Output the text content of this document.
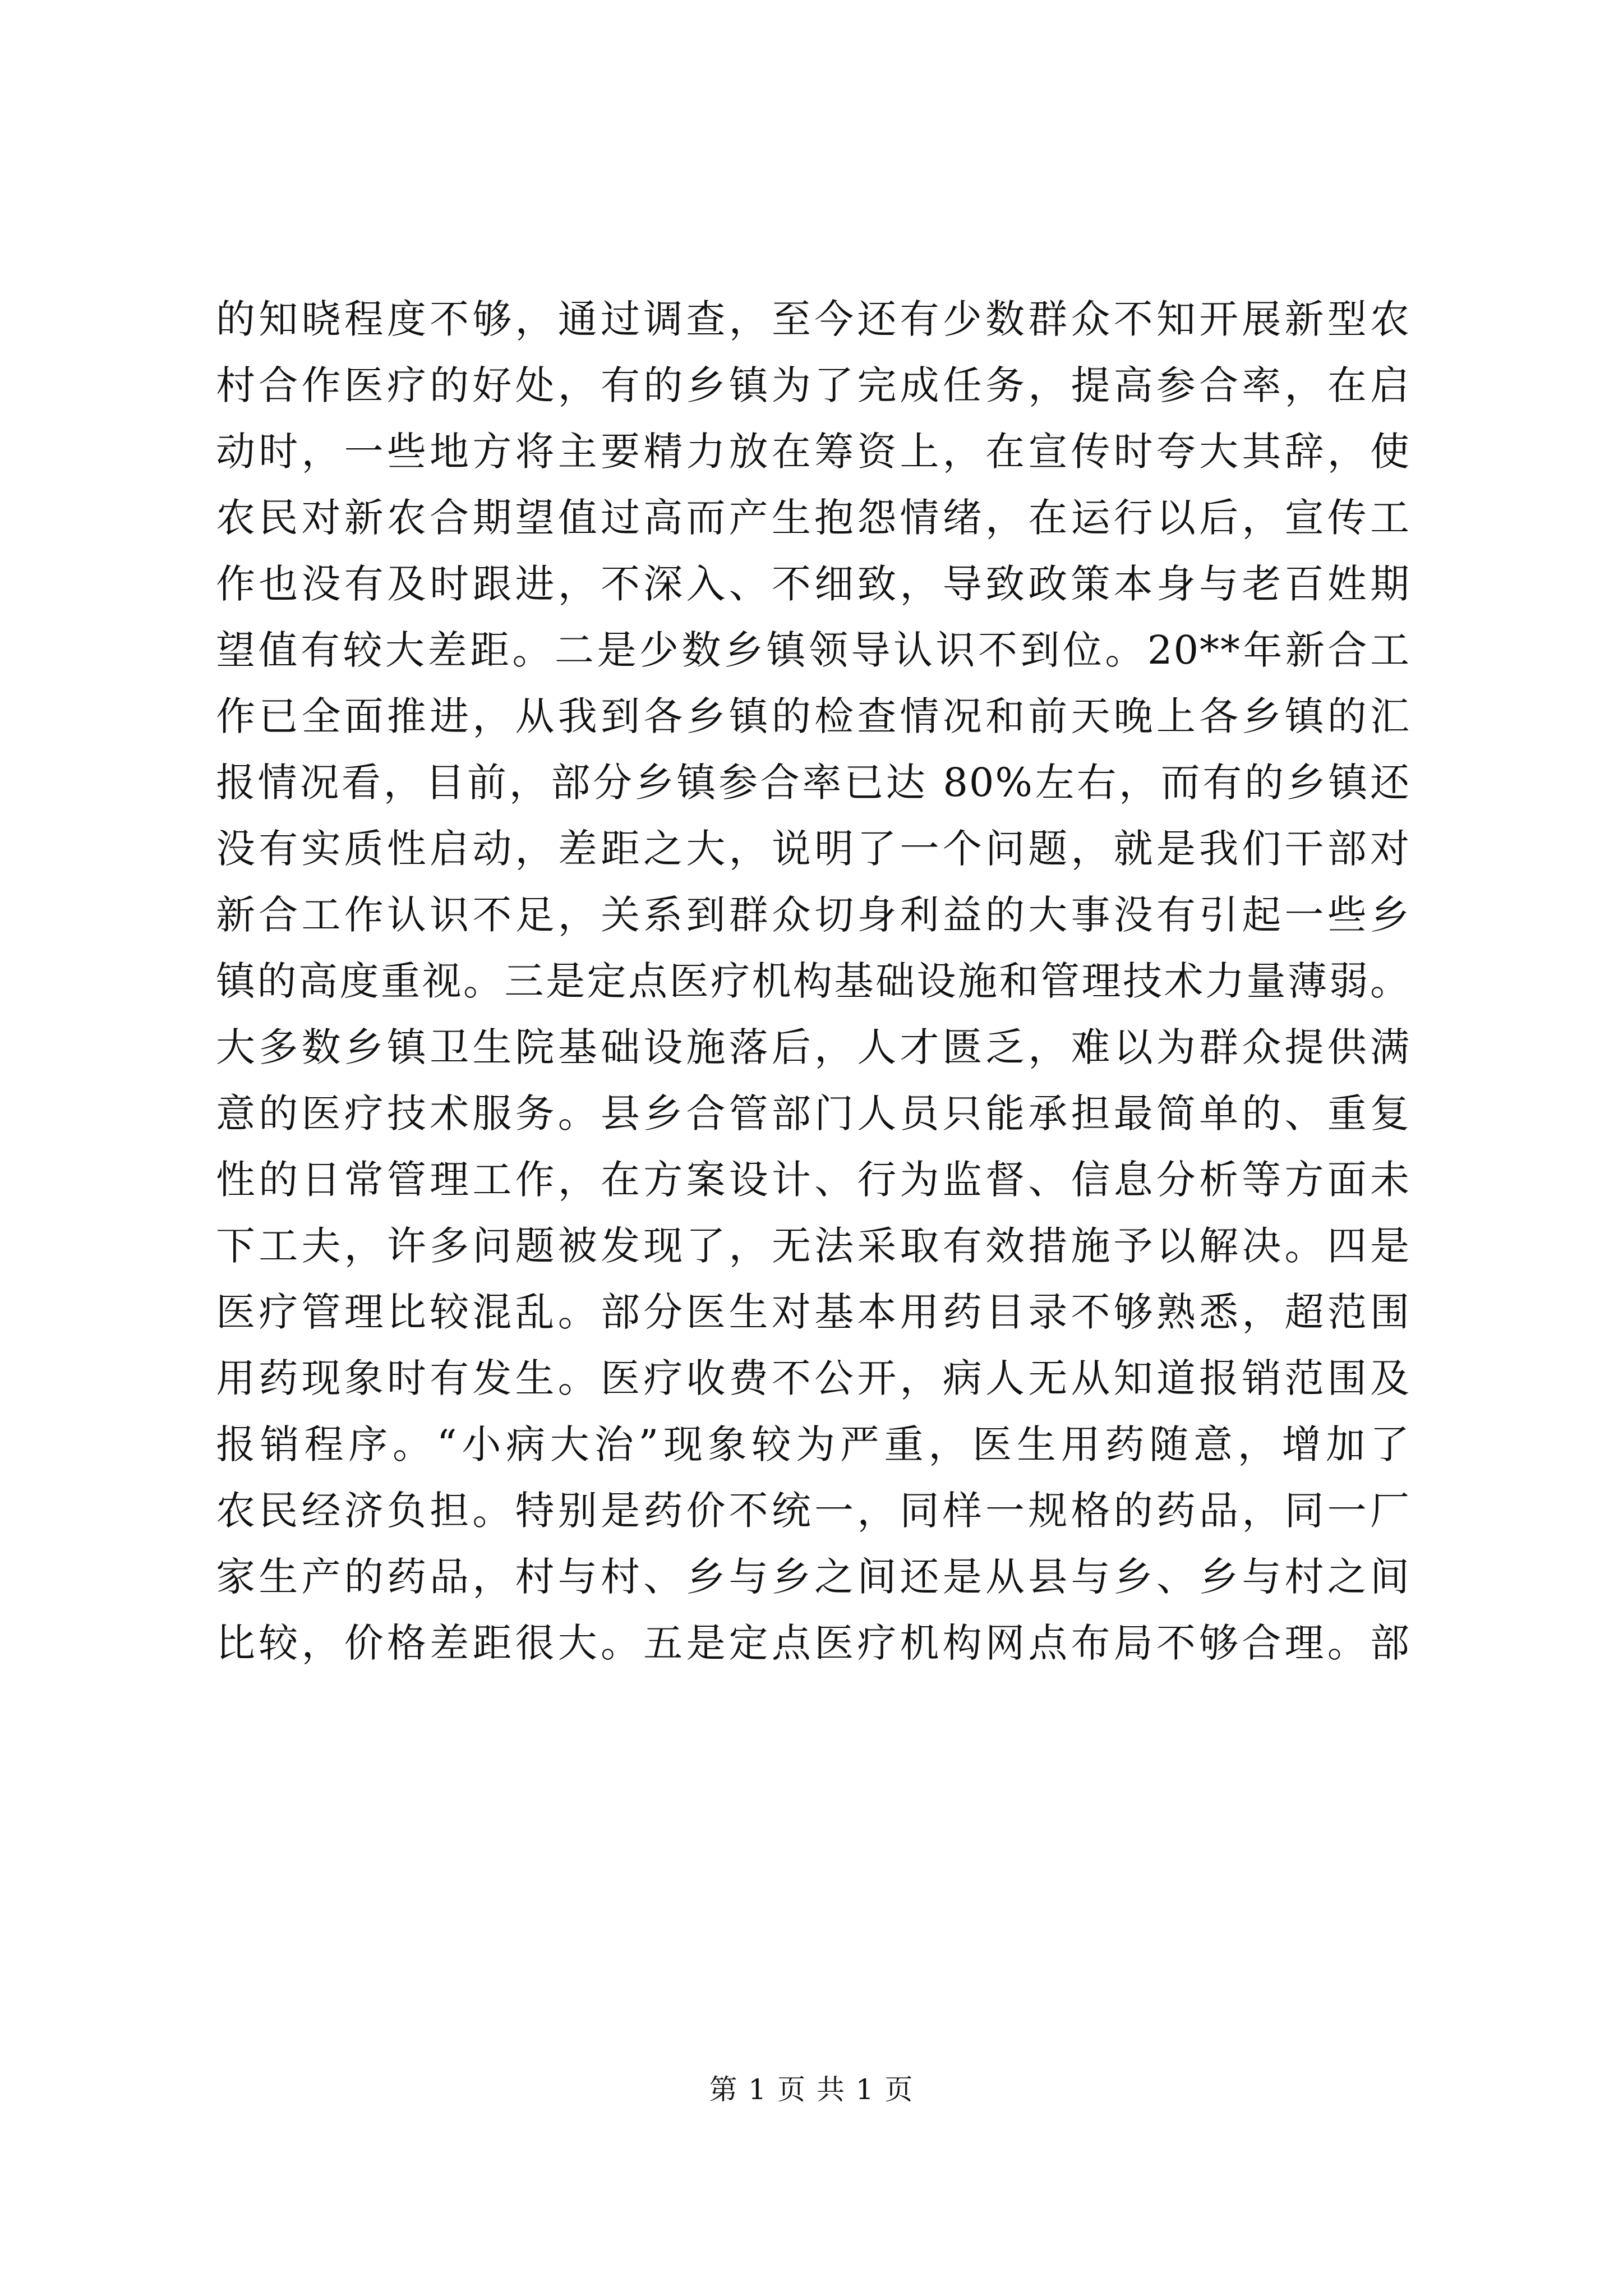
的知晓程度不够，通过调查，至今还有少数群众不知开展新型农
村合作医疗的好处，有的乡镇为了完成任务，提高参合率，在启
动时，一些地方将主要精力放在筹资上，在宣传时夸大其辞，使
农民对新农合期望值过高而产生抱怨情绪，在运行以后，宣传工
作也没有及时跟进，不深入、不细致，导致政策本身与老百姓期
望值有较大差距。二是少数乡镇领导认识不到位。20**年新合工
作已全面推进，从我到各乡镇的检查情况和前天晚上各乡镇的汇
报情况看，目前，部分乡镇参合率已达 80%左右，而有的乡镇还
没有实质性启动，差距之大，说明了一个问题，就是我们干部对
新合工作认识不足，关系到群众切身利益的大事没有引起一些乡
镇的高度重视。三是定点医疗机构基础设施和管理技术力量薄弱。
大多数乡镇卫生院基础设施落后，人才匮乏，难以为群众提供满
意的医疗技术服务。县乡合管部门人员只能承担最简单的、重复
性的日常管理工作，在方案设计、行为监督、信息分析等方面未
下工夫，许多问题被发现了，无法采取有效措施予以解决。四是
医疗管理比较混乱。部分医生对基本用药目录不够熟悉，超范围
用药现象时有发生。医疗收费不公开，病人无从知道报销范围及
报销程序。“小病大治”现象较为严重，医生用药随意，增加了
农民经济负担。特别是药价不统一，同样一规格的药品，同一厂
家生产的药品，村与村、乡与乡之间还是从县与乡、乡与村之间
比较，价格差距很大。五是定点医疗机构网点布局不够合理。部
第 1 页 共 1 页
